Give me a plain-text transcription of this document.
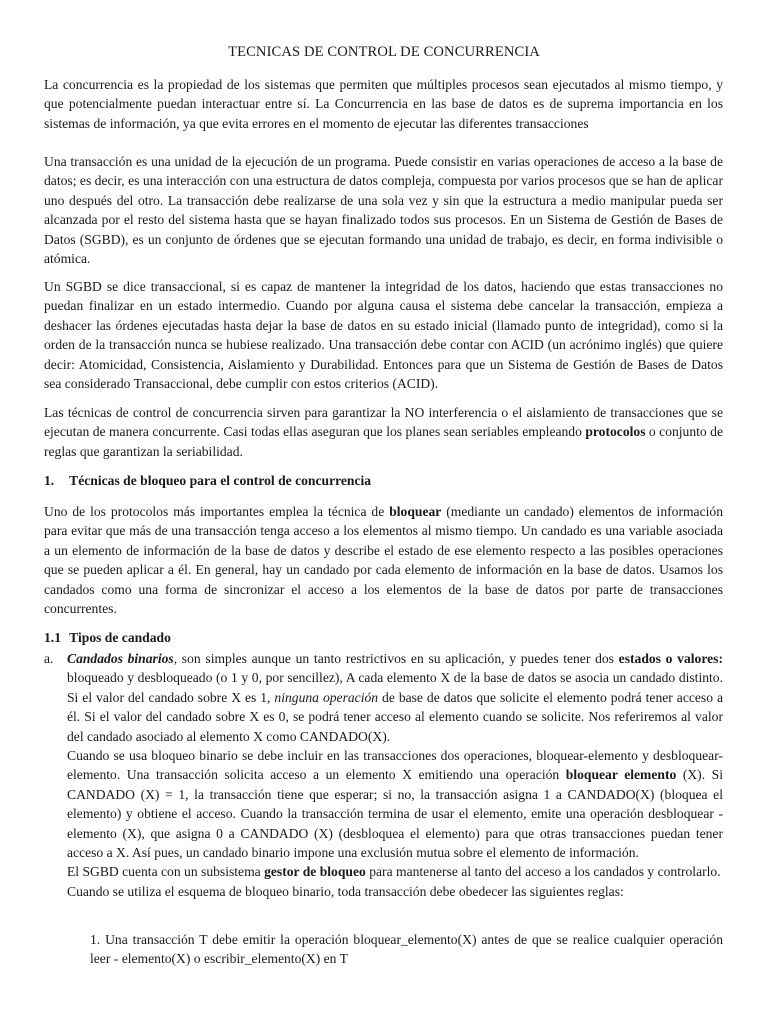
TECNICAS DE CONTROL DE CONCURRENCIA
La concurrencia es la propiedad de los sistemas que permiten que múltiples procesos sean ejecutados al mismo tiempo, y que potencialmente puedan interactuar entre sí. La Concurrencia en las base de datos es de suprema importancia en los sistemas de información, ya que evita errores en el momento de ejecutar las diferentes transacciones
Una transacción es una unidad de la ejecución de un programa. Puede consistir en varias operaciones de acceso a la base de datos; es decir, es una interacción con una estructura de datos compleja, compuesta por varios procesos que se han de aplicar uno después del otro. La transacción debe realizarse de una sola vez y sin que la estructura a medio manipular pueda ser alcanzada por el resto del sistema hasta que se hayan finalizado todos sus procesos. En un Sistema de Gestión de Bases de Datos (SGBD), es un conjunto de órdenes que se ejecutan formando una unidad de trabajo, es decir, en forma indivisible o atómica.
Un SGBD se dice transaccional, si es capaz de mantener la integridad de los datos, haciendo que estas transacciones no puedan finalizar en un estado intermedio. Cuando por alguna causa el sistema debe cancelar la transacción, empieza a deshacer las órdenes ejecutadas hasta dejar la base de datos en su estado inicial (llamado punto de integridad), como si la orden de la transacción nunca se hubiese realizado. Una transacción debe contar con ACID (un acrónimo inglés) que quiere decir: Atomicidad, Consistencia, Aislamiento y Durabilidad. Entonces para que un Sistema de Gestión de Bases de Datos sea considerado Transaccional, debe cumplir con estos criterios (ACID).
Las técnicas de control de concurrencia sirven para garantizar la NO interferencia o el aislamiento de transacciones que se ejecutan de manera concurrente. Casi todas ellas aseguran que los planes sean seriables empleando protocolos o conjunto de reglas que garantizan la seriabilidad.
1. Técnicas de bloqueo para el control de concurrencia
Uno de los protocolos más importantes emplea la técnica de bloquear (mediante un candado) elementos de información para evitar que más de una transacción tenga acceso a los elementos al mismo tiempo. Un candado es una variable asociada a un elemento de información de la base de datos y describe el estado de ese elemento respecto a las posibles operaciones que se pueden aplicar a él. En general, hay un candado por cada elemento de información en la base de datos. Usamos los candados como una forma de sincronizar el acceso a los elementos de la base de datos por parte de transacciones concurrentes.
1.1 Tipos de candado
a. Candados binarios, son simples aunque un tanto restrictivos en su aplicación, y puedes tener dos estados o valores: bloqueado y desbloqueado (o 1 y 0, por sencillez), A cada elemento X de la base de datos se asocia un candado distinto. Si el valor del candado sobre X es 1, ninguna operación de base de datos que solicite el elemento podrá tener acceso a él. Si el valor del candado sobre X es 0, se podrá tener acceso al elemento cuando se solicite. Nos referiremos al valor del candado asociado al elemento X como CANDADO(X).

Cuando se usa bloqueo binario se debe incluir en las transacciones dos operaciones, bloquear-elemento y desbloquear-elemento. Una transacción solicita acceso a un elemento X emitiendo una operación bloquear elemento (X). Si CANDADO (X) = 1, la transacción tiene que esperar; si no, la transacción asigna 1 a CANDADO(X) (bloquea el elemento) y obtiene el acceso. Cuando la transacción termina de usar el elemento, emite una operación desbloquear - elemento (X), que asigna 0 a CANDADO (X) (desbloquea el elemento) para que otras transacciones puedan tener acceso a X. Así pues, un candado binario impone una exclusión mutua sobre el elemento de información.

El SGBD cuenta con un subsistema gestor de bloqueo para mantenerse al tanto del acceso a los candados y controlarlo.

Cuando se utiliza el esquema de bloqueo binario, toda transacción debe obedecer las siguientes reglas:

1. Una transacción T debe emitir la operación bloquear_elemento(X) antes de que se realice cualquier operación leer - elemento(X) o escribir_elemento(X) en T
